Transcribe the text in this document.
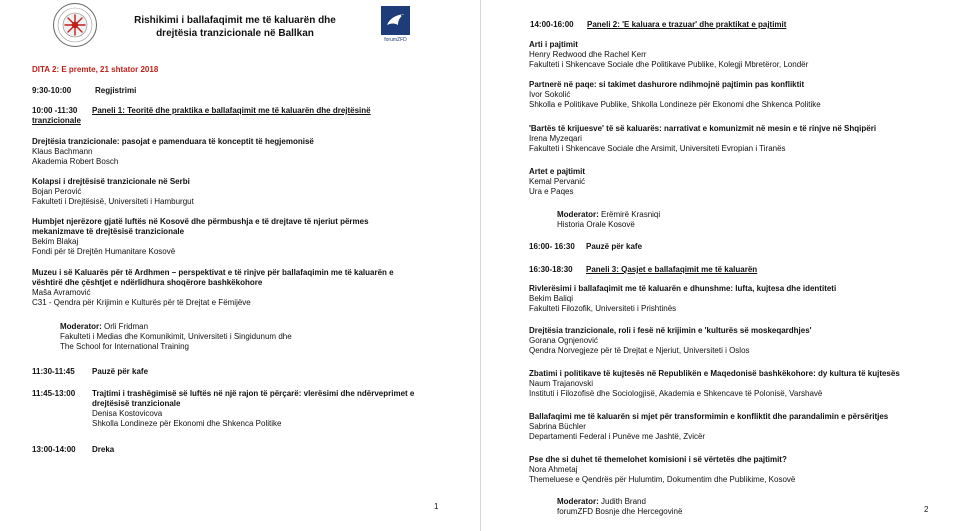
Rishikimi i ballafaqimit me të kaluarën dhe
drejtësia tranzicionale në Ballkan
forumZFD
DITA 2: E premte, 21 shtator 2018
9:30-10:00	Regjistrimi
10:00 -11:30 Paneli 1: Teoritë dhe praktika e ballafaqimit me të kaluarën dhe drejtësinë
tranzicionale
Drejtësia tranzicionale: pasojat e pamenduara të konceptit të hegjemonisë
Klaus Bachmann
Akademia Robert Bosch
Kolapsi i drejtësisë tranzicionale në Serbi
Bojan Perović
Fakulteti i Drejtësisë, Universiteti i Hamburgut
Humbjet njerëzore gjatë luftës në Kosovë dhe përmbushja e të drejtave të njeriut përmes
mekanizmave të drejtësisë tranzicionale
Bekim Blakaj
Fondi për të Drejtën Humanitare Kosovë
Muzeu i së Kaluarës për të Ardhmen – perspektivat e të rinjve për ballafaqimin me të kaluarën e
vështirë dhe çështjet e ndërlidhura shoqërore bashkëkohore
Maša Avramović
C31 - Qendra për Krijimin e Kulturës për të Drejtat e Fëmijëve
Moderator: Orli Fridman
Fakulteti i Medias dhe Komunikimit, Universiteti i Singidunum dhe
The School for International Training
11:30-11:45 Pauzë për kafe
11:45-13:00 Trajtimi i trashëgimisë së luftës në një rajon të përçarë: vlerësimi dhe ndërveprimet e
drejtësisë tranzicionale
Denisa Kostovicova
Shkolla Londineze për Ekonomi dhe Shkenca Politike
13:00-14:00 Dreka
1
14:00-16:00 Paneli 2: 'E kaluara e trazuar' dhe praktikat e pajtimit
Arti i pajtimit
Henry Redwood dhe Rachel Kerr
Fakulteti i Shkencave Sociale dhe Politikave Publike, Kolegji Mbretëror, Londër
Partnerë në paqe: si takimet dashurore ndihmojnë pajtimin pas konfliktit
Ivor Sokolić
Shkolla e Politikave Publike, Shkolla Londineze për Ekonomi dhe Shkenca Politike
'Bartës të krijuesve' të së kaluarës: narrativat e komunizmit në mesin e të rinjve në Shqipëri
Irena Myzeqari
Fakulteti i Shkencave Sociale dhe Arsimit, Universiteti Evropian i Tiranës
Artet e pajtimit
Kemal Pervanić
Ura e Paqes
Moderator: Erëmirë Krasniqi
Historia Orale Kosovë
16:00- 16:30 Pauzë për kafe
16:30-18:30 Paneli 3: Qasjet e ballafaqimit me të kaluarën
Rivlerësimi i ballafaqimit me të kaluarën e dhunshme: lufta, kujtesa dhe identiteti
Bekim Baliqi
Fakulteti Filozofik, Universiteti i Prishtinës
Drejtësia tranzicionale, roli i fesë në krijimin e 'kulturës së moskeqardhjes'
Gorana Ognjenović
Qendra Norvegjeze për të Drejtat e Njeriut, Universiteti i Oslos
Zbatimi i politikave të kujtesës në Republikën e Maqedonisë bashkëkohore: dy kultura të kujtesës
Naum Trajanovski
Instituti i Filozofisë dhe Sociologjisë, Akademia e Shkencave të Polonisë, Varshavë
Ballafaqimi me të kaluarën si mjet për transformimin e konfliktit dhe parandalimin e përsëritjes
Sabrina Büchler
Departamenti Federal i Punëve me Jashtë, Zvicër
Pse dhe si duhet të themelohet komisioni i së vërtetës dhe pajtimit?
Nora Ahmetaj
Themeluese e Qendrës për Hulumtim, Dokumentim dhe Publikime, Kosovë
Moderator: Judith Brand
forumZFD Bosnje dhe Hercegovinë	2
